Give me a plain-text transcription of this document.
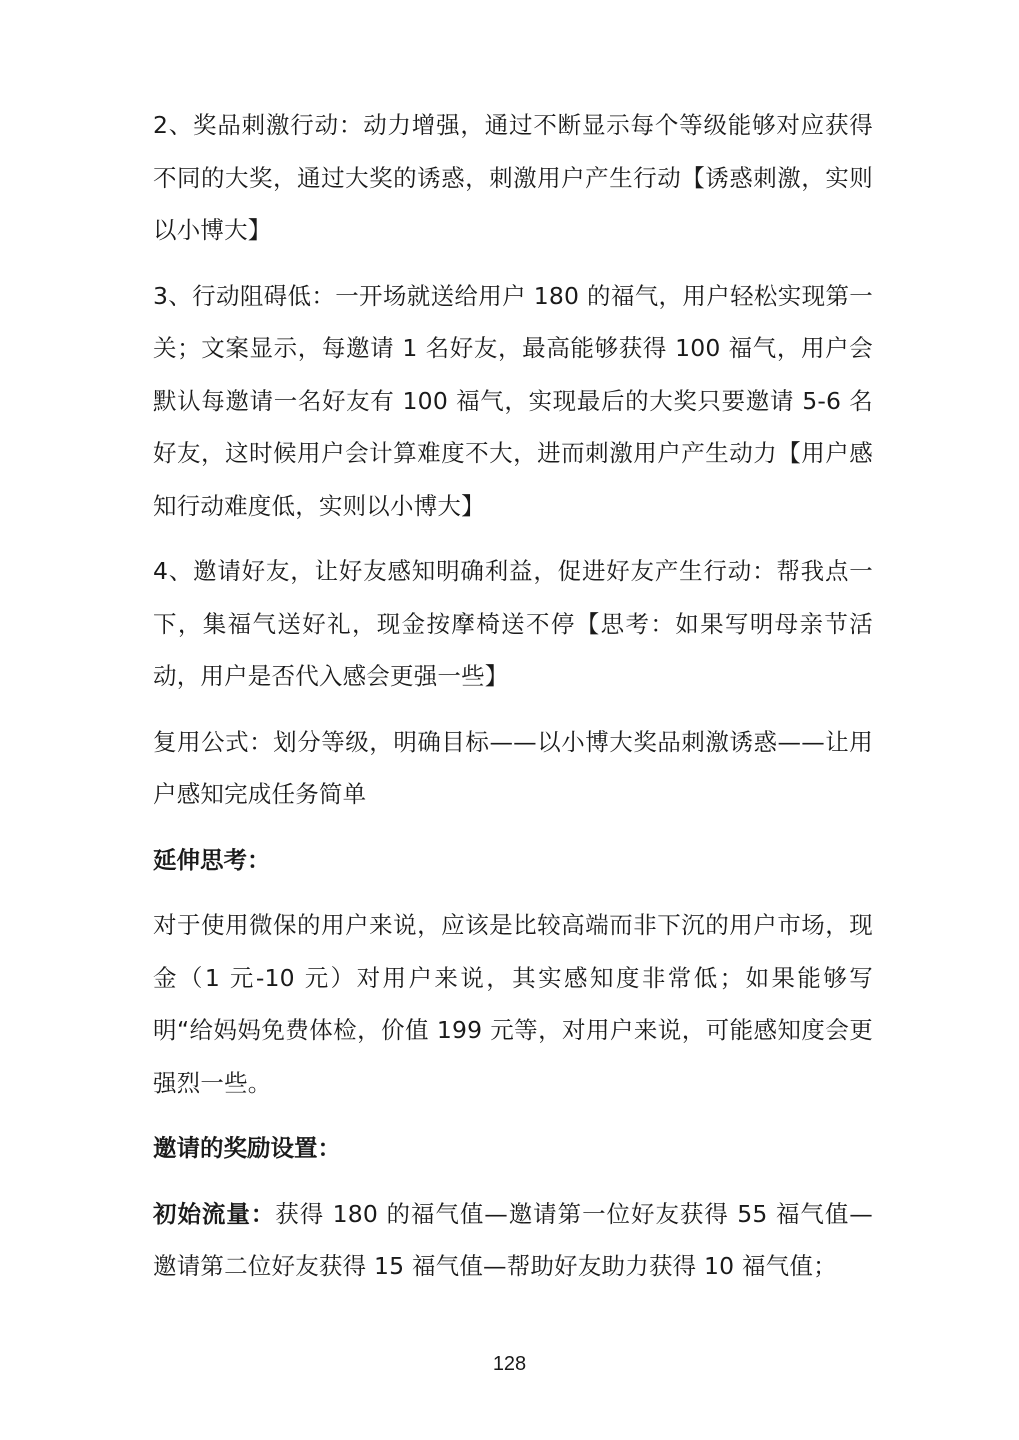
2、奖品刺激行动：动力增强，通过不断显示每个等级能够对应获得不同的大奖，通过大奖的诱惑，刺激用户产生行动【诱惑刺激，实则以小博大】

3、行动阻碍低：一开场就送给用户 180 的福气，用户轻松实现第一关；文案显示，每邀请 1 名好友，最高能够获得 100 福气，用户会默认每邀请一名好友有 100 福气，实现最后的大奖只要邀请 5-6 名好友，这时候用户会计算难度不大，进而刺激用户产生动力【用户感知行动难度低，实则以小博大】

4、邀请好友，让好友感知明确利益，促进好友产生行动：帮我点一下，集福气送好礼，现金按摩椅送不停【思考：如果写明母亲节活动，用户是否代入感会更强一些】

复用公式：划分等级，明确目标——以小博大奖品刺激诱惑——让用户感知完成任务简单

延伸思考：

对于使用微保的用户来说，应该是比较高端而非下沉的用户市场，现金（1 元-10 元）对用户来说，其实感知度非常低；如果能够写明“给妈妈免费体检，价值 199 元等，对用户来说，可能感知度会更强烈一些。

邀请的奖励设置：

初始流量：获得 180 的福气值—邀请第一位好友获得 55 福气值—邀请第二位好友获得 15 福气值—帮助好友助力获得 10 福气值；

128
